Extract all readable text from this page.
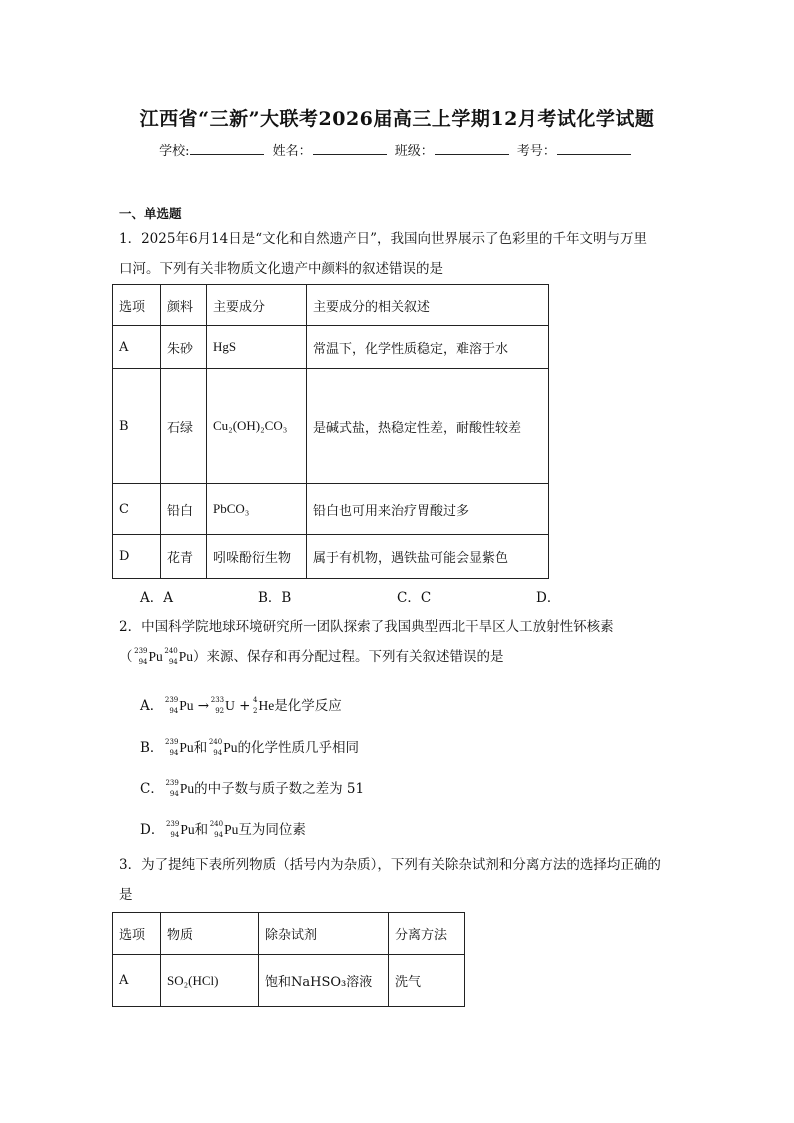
江西省“三新”大联考2026届高三上学期12月考试化学试题
学校:	姓名：	班级：	考号：
一、单选题
1．2025年6月14日是“文化和自然遗产日”，我国向世界展示了色彩里的千年文明与万里
口河。下列有关非物质文化遗产中颜料的叙述错误的是
选项	颜料	主要成分	主要成分的相关叙述
A	朱砂	HgS	常温下，化学性质稳定，难溶于水
B	石绿	Cu₂(OH)₂CO₃	是碱式盐，热稳定性差，耐酸性较差
C	铅白	PbCO₃	铅白也可用来治疗胃酸过多
D	花青	吲哚酚衍生物	属于有机物，遇铁盐可能会显紫色
A．A	B．B	C．C	D．
2．中国科学院地球环境研究所一团队探索了我国典型西北干旱区人工放射性钚核素
（ 239
94 Pu 240
94 Pu）来源、保存和再分配过程。下列有关叙述错误的是
A． 239
94 Pu → 233
92 U + 4
2 He是化学反应
B． 239
94 Pu和 240
94 Pu的化学性质几乎相同
C． 239
94 Pu的中子数与质子数之差为 51
D． 239
94 Pu和 240
94 Pu互为同位素
3．为了提纯下表所列物质（括号内为杂质），下列有关除杂试剂和分离方法的选择均正确的
是
选项	物质	除杂试剂	分离方法
A	SO₂(HCl)	饱和NaHSO₃溶液	洗气
